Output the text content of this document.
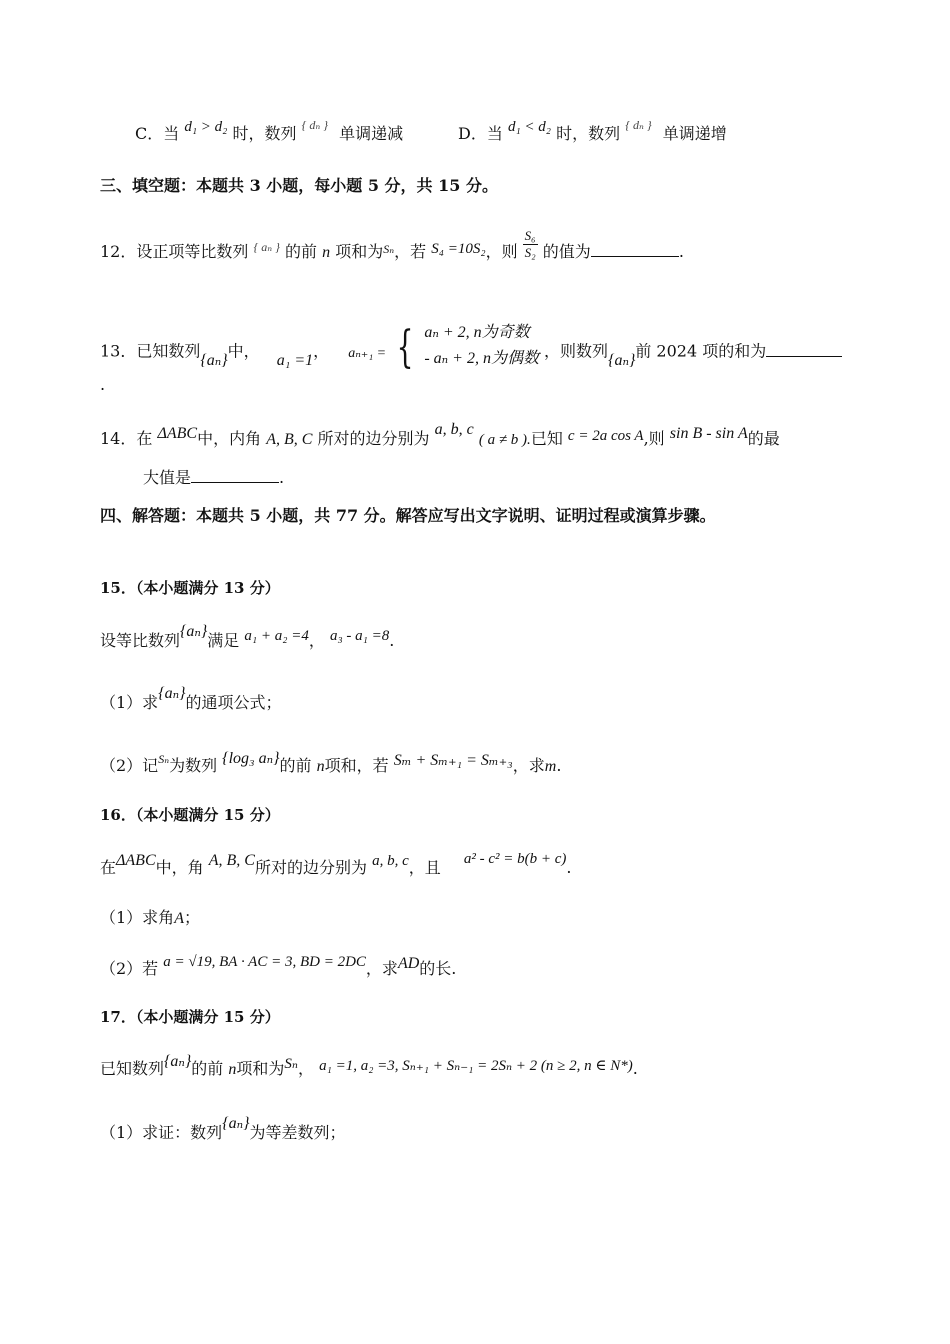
C．当 d₁ > d₂ 时，数列 $^{\{ d_n \}}$ 单调递减	D．当 d₁ < d₂ 时，数列 $^{\{ d_n \}}$ 单调递增
三、填空题：本题共 3 小题，每小题 5 分，共 15 分。
12．设正项等比数列 $^{\{ a_n \}}$ 的前 n 项和为$^{S_n}$，若 S₄ =10S₂，则 $\frac{\text{S₆}}{\text{S₂}}$ 的值为	.
13．已知数列{aₙ}中， a₁ =1， aₙ₊₁ = { aₙ + 2, n为奇数
- aₙ + 2, n为偶数 ，则数列{aₙ}前 2024 项的和为
.
14．在 ΔABC中，内角 A, B, C 所对的边分别为 a, b, c ( a ≠ b ).已知 c = 2a cos A,则 sin B - sin A的最
大值是	.
四、解答题：本题共 5 小题，共 77 分。解答应写出文字说明、证明过程或演算步骤。
15．（本小题满分 13 分）
设等比数列{aₙ}满足 a₁ + a₂ =4， a₃ - a₁ =8.
（1）求{aₙ}的通项公式；
（2）记$^{S_n}$为数列 {log₃ aₙ}的前 n项和，若 Sₘ + Sₘ₊₁ = Sₘ₊₃，求m.
16．（本小题满分 15 分）
在ΔABC中，角 A, B, C所对的边分别为 a, b, c，且 a² - c² = b(b + c).
（1）求角A；
（2）若 a = √19, BA · AC = 3, BD = 2DC，求AD的长.
17．（本小题满分 15 分）
已知数列{aₙ}的前 n项和为Sₙ， a₁ =1, a₂ =3, Sₙ₊₁ + Sₙ₋₁ = 2Sₙ + 2 (n ≥ 2, n ∈ N*).
（1）求证：数列{aₙ}为等差数列；
